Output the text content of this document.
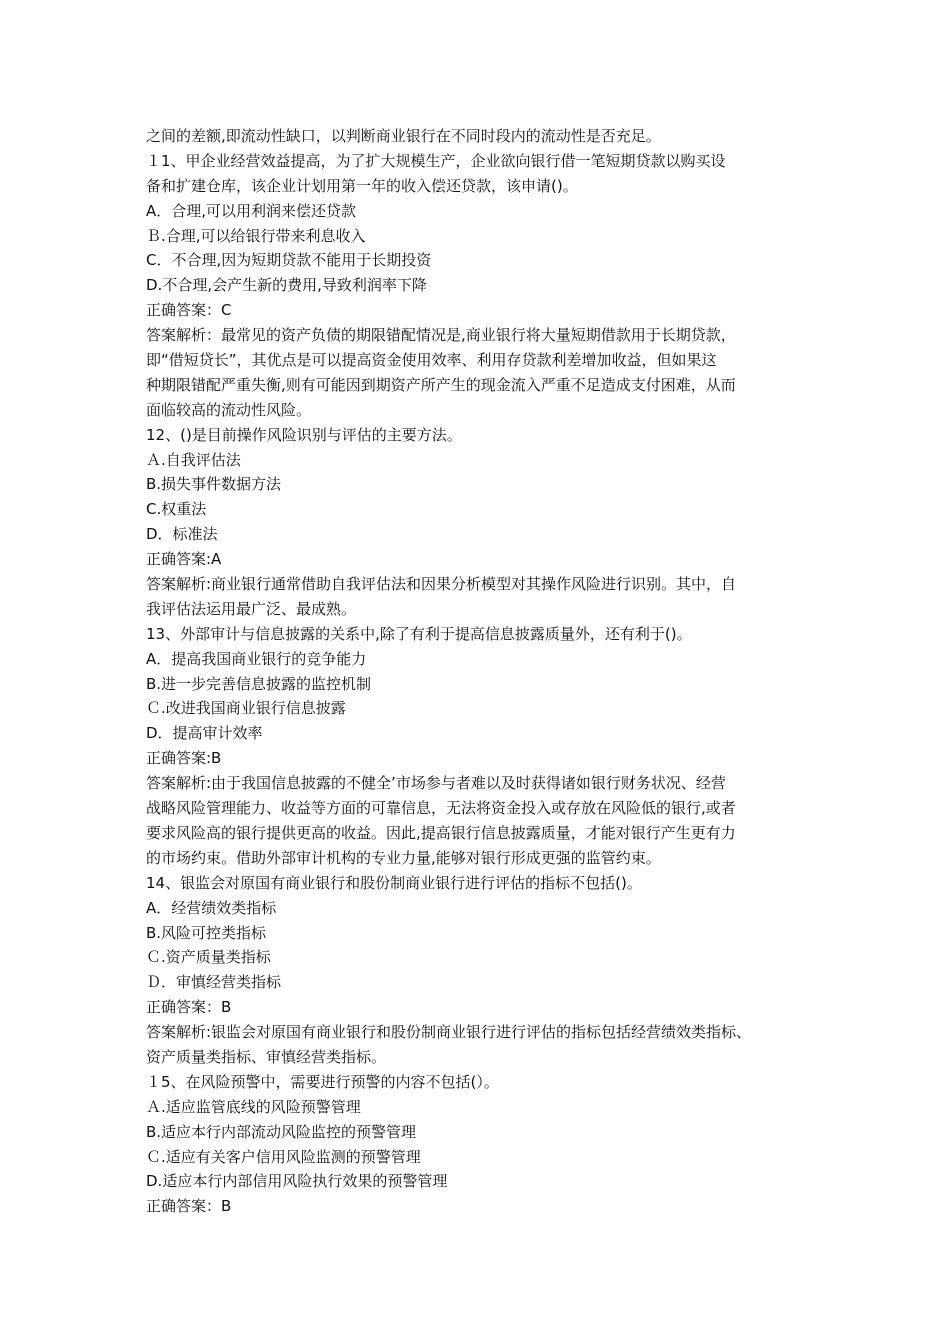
之间的差额,即流动性缺口，以判断商业银行在不同时段内的流动性是否充足。
１1、甲企业经营效益提高，为了扩大规模生产，企业欲向银行借一笔短期贷款以购买设
备和扩建仓库，该企业计划用第一年的收入偿还贷款，该申请()。
A．合理,可以用利润来偿还贷款
Ｂ.合理,可以给银行带来利息收入
C．不合理,因为短期贷款不能用于长期投资
D.不合理,会产生新的费用,导致利润率下降
正确答案：C
答案解析：最常见的资产负债的期限错配情况是,商业银行将大量短期借款用于长期贷款，
即“借短贷长”，其优点是可以提高资金使用效率、利用存贷款利差增加收益，但如果这
种期限错配严重失衡,则有可能因到期资产所产生的现金流入严重不足造成支付困难，从而
面临较高的流动性风险。
12、()是目前操作风险识别与评估的主要方法。
Ａ.自我评估法
B.损失事件数据方法
C.权重法
D．标准法
正确答案:A
答案解析:商业银行通常借助自我评估法和因果分析模型对其操作风险进行识别。其中，自
我评估法运用最广泛、最成熟。
13、外部审计与信息披露的关系中,除了有利于提高信息披露质量外，还有利于()。
A．提高我国商业银行的竞争能力
B.进一步完善信息披露的监控机制
Ｃ.改进我国商业银行信息披露
D．提高审计效率
正确答案:B
答案解析:由于我国信息披露的不健全’市场参与者难以及时获得诸如银行财务状况、经营
战略风险管理能力、收益等方面的可靠信息，无法将资金投入或存放在风险低的银行,或者
要求风险高的银行提供更高的收益。因此,提高银行信息披露质量，才能对银行产生更有力
的市场约束。借助外部审计机构的专业力量,能够对银行形成更强的监管约束。
14、银监会对原国有商业银行和股份制商业银行进行评估的指标不包括()。
A．经营绩效类指标
B.风险可控类指标
Ｃ.资产质量类指标
Ｄ．审慎经营类指标
正确答案：B
答案解析:银监会对原国有商业银行和股份制商业银行进行评估的指标包括经营绩效类指标、
资产质量类指标、审慎经营类指标。
１5、在风险预警中，需要进行预警的内容不包括(）。
Ａ.适应监管底线的风险预警管理
B.适应本行内部流动风险监控的预警管理
Ｃ.适应有关客户信用风险监测的预警管理
D.适应本行内部信用风险执行效果的预警管理
正确答案：B
